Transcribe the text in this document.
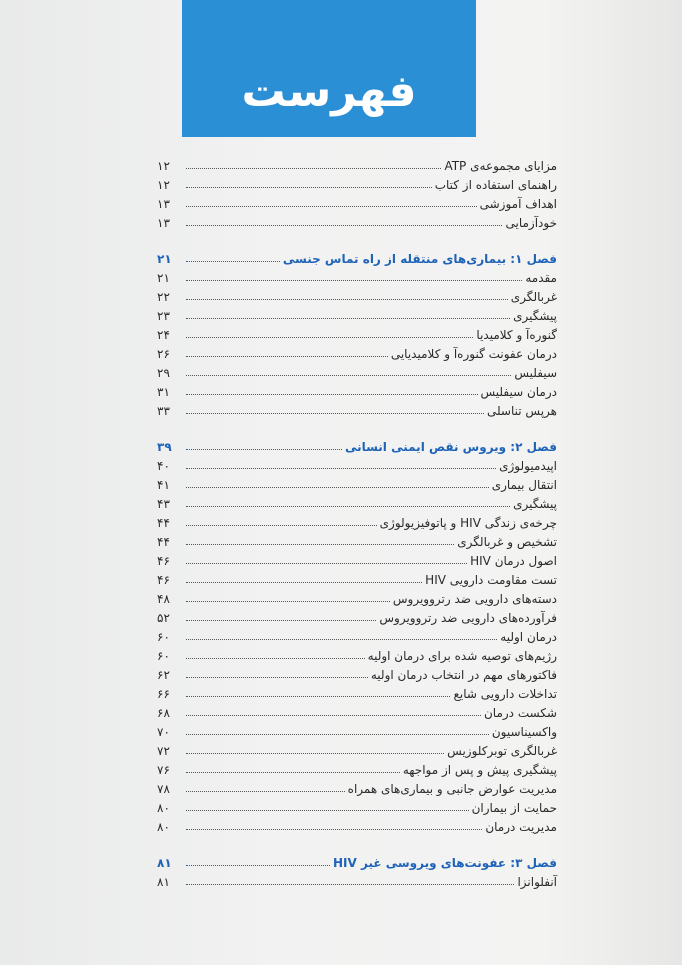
فهرست
مزایای مجموعه‌ی ATP
۱۲
راهنمای استفاده از کتاب
۱۲
اهداف آموزشی
۱۳
خودآزمایی
۱۳
فصل ۱: بیماری‌های منتقله از راه تماس جنسی
۲۱
مقدمه
۲۱
غربالگری
۲۲
پیشگیری
۲۳
گنوره‌آ و کلامیدیا
۲۴
درمان عفونت گنوره‌آ و کلامیدیایی
۲۶
سیفلیس
۲۹
درمان سیفلیس
۳۱
هرپس تناسلی
۳۳
فصل ۲: ویروس نقص ایمنی انسانی
۳۹
اپیدمیولوژی
۴۰
انتقال بیماری
۴۱
پیشگیری
۴۳
چرخه‌ی زندگی HIV و پاتوفیزیولوژی
۴۴
تشخیص و غربالگری
۴۴
اصول درمان HIV
۴۶
تست مقاومت دارویی HIV
۴۶
دسته‌های دارویی ضد رتروویروس
۴۸
فرآورده‌های دارویی ضد رتروویروس
۵۲
درمان اولیه
۶۰
رژیم‌های توصیه شده برای درمان اولیه
۶۰
فاکتورهای مهم در انتخاب درمان اولیه
۶۲
تداخلات دارویی شایع
۶۶
شکست درمان
۶۸
واکسیناسیون
۷۰
غربالگری توبرکلوزیس
۷۲
پیشگیری پیش و پس از مواجهه
۷۶
مدیریت عوارض جانبی و بیماری‌های همراه
۷۸
حمایت از بیماران
۸۰
مدیریت درمان
۸۰
فصل ۳: عفونت‌های ویروسی غیر HIV
۸۱
آنفلوانزا
۸۱
